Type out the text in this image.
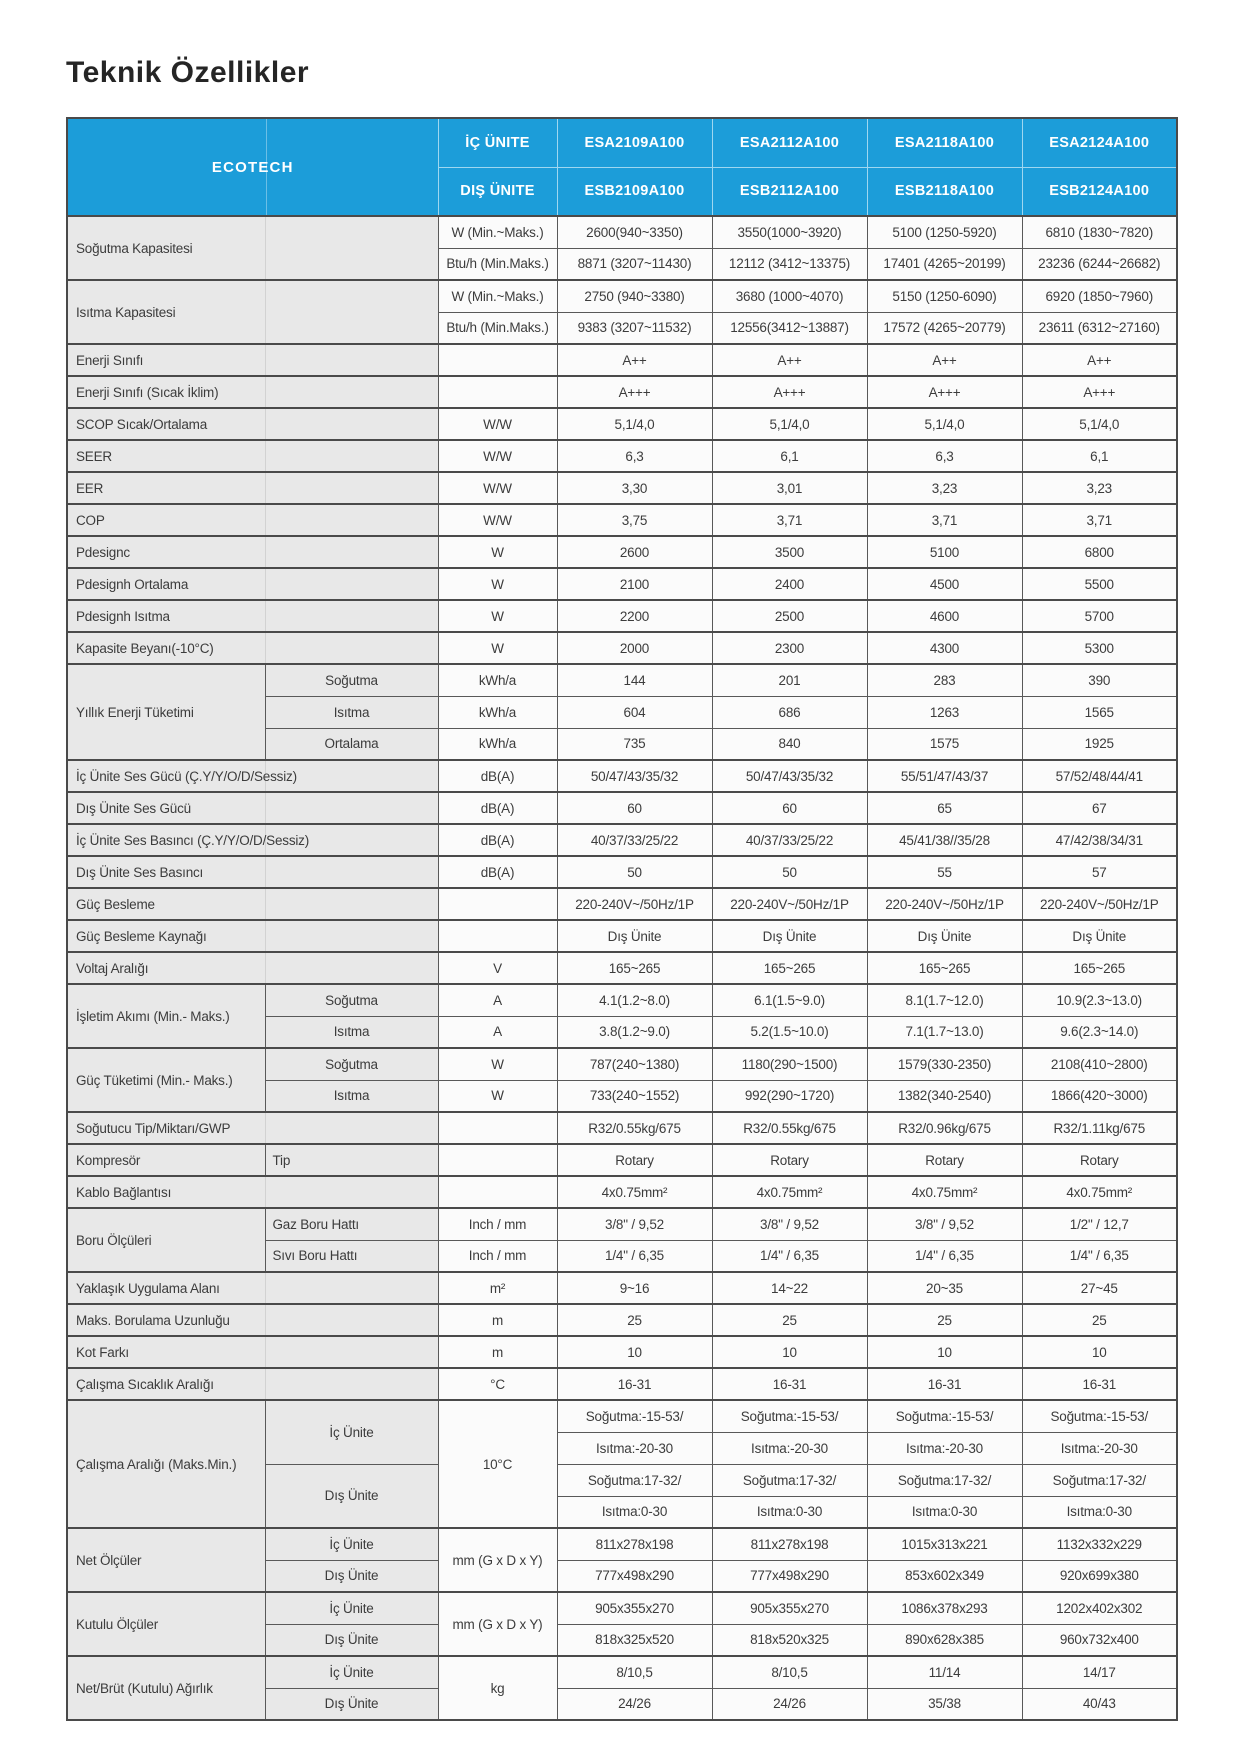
Teknik Özellikler
ECOTECH		İÇ ÜNITE	ESA2109A100	ESA2112A100	ESA2118A100	ESA2124A100
		DIŞ ÜNITE	ESB2109A100	ESB2112A100	ESB2118A100	ESB2124A100
Soğutma Kapasitesi		W (Min.~Maks.)	2600(940~3350)	3550(1000~3920)	5100 (1250-5920)	6810 (1830~7820)
		Btu/h (Min.Maks.)	8871 (3207~11430)	12112 (3412~13375)	17401 (4265~20199)	23236 (6244~26682)
Isıtma Kapasitesi		W (Min.~Maks.)	2750 (940~3380)	3680 (1000~4070)	5150 (1250-6090)	6920 (1850~7960)
		Btu/h (Min.Maks.)	9383 (3207~11532)	12556(3412~13887)	17572 (4265~20779)	23611 (6312~27160)
Enerji Sınıfı			A++	A++	A++	A++
Enerji Sınıfı (Sıcak İklim)			A+++	A+++	A+++	A+++
SCOP Sıcak/Ortalama		W/W	5,1/4,0	5,1/4,0	5,1/4,0	5,1/4,0
SEER		W/W	6,3	6,1	6,3	6,1
EER		W/W	3,30	3,01	3,23	3,23
COP		W/W	3,75	3,71	3,71	3,71
Pdesignc		W	2600	3500	5100	6800
Pdesignh Ortalama		W	2100	2400	4500	5500
Pdesignh Isıtma		W	2200	2500	4600	5700
Kapasite Beyanı(-10°C)		W	2000	2300	4300	5300
Yıllık Enerji Tüketimi	Soğutma	kWh/a	144	201	283	390
	Isıtma	kWh/a	604	686	1263	1565
	Ortalama	kWh/a	735	840	1575	1925
İç Ünite Ses Gücü (Ç.Y/Y/O/D/Sessiz)		dB(A)	50/47/43/35/32	50/47/43/35/32	55/51/47/43/37	57/52/48/44/41
Dış Ünite Ses Gücü		dB(A)	60	60	65	67
İç Ünite Ses Basıncı (Ç.Y/Y/O/D/Sessiz)		dB(A)	40/37/33/25/22	40/37/33/25/22	45/41/38//35/28	47/42/38/34/31
Dış Ünite Ses Basıncı		dB(A)	50	50	55	57
Güç Besleme			220-240V~/50Hz/1P	220-240V~/50Hz/1P	220-240V~/50Hz/1P	220-240V~/50Hz/1P
Güç Besleme Kaynağı			Dış Ünite	Dış Ünite	Dış Ünite	Dış Ünite
Voltaj Aralığı		V	165~265	165~265	165~265	165~265
İşletim Akımı (Min.- Maks.)	Soğutma	A	4.1(1.2~8.0)	6.1(1.5~9.0)	8.1(1.7~12.0)	10.9(2.3~13.0)
	Isıtma	A	3.8(1.2~9.0)	5.2(1.5~10.0)	7.1(1.7~13.0)	9.6(2.3~14.0)
Güç Tüketimi (Min.- Maks.)	Soğutma	W	787(240~1380)	1180(290~1500)	1579(330-2350)	2108(410~2800)
	Isıtma	W	733(240~1552)	992(290~1720)	1382(340-2540)	1866(420~3000)
Soğutucu Tip/Miktarı/GWP			R32/0.55kg/675	R32/0.55kg/675	R32/0.96kg/675	R32/1.11kg/675
Kompresör	Tip		Rotary	Rotary	Rotary	Rotary
Kablo Bağlantısı			4x0.75mm²	4x0.75mm²	4x0.75mm²	4x0.75mm²
Boru Ölçüleri	Gaz Boru Hattı	Inch / mm	3/8" / 9,52	3/8" / 9,52	3/8" / 9,52	1/2" / 12,7
	Sıvı Boru Hattı	Inch / mm	1/4" / 6,35	1/4" / 6,35	1/4" / 6,35	1/4" / 6,35
Yaklaşık Uygulama Alanı		m²	9~16	14~22	20~35	27~45
Maks. Borulama Uzunluğu		m	25	25	25	25
Kot Farkı		m	10	10	10	10
Çalışma Sıcaklık Aralığı		°C	16-31	16-31	16-31	16-31
Çalışma Aralığı (Maks.Min.)	İç Ünite	10°C	Soğutma:-15-53/	Soğutma:-15-53/	Soğutma:-15-53/	Soğutma:-15-53/
			Isıtma:-20-30	Isıtma:-20-30	Isıtma:-20-30	Isıtma:-20-30
	Dış Ünite		Soğutma:17-32/	Soğutma:17-32/	Soğutma:17-32/	Soğutma:17-32/
			Isıtma:0-30	Isıtma:0-30	Isıtma:0-30	Isıtma:0-30
Net Ölçüler	İç Ünite	mm (G x D x Y)	811x278x198	811x278x198	1015x313x221	1132x332x229
	Dış Ünite		777x498x290	777x498x290	853x602x349	920x699x380
Kutulu Ölçüler	İç Ünite	mm (G x D x Y)	905x355x270	905x355x270	1086x378x293	1202x402x302
	Dış Ünite		818x325x520	818x520x325	890x628x385	960x732x400
Net/Brüt (Kutulu) Ağırlık	İç Ünite	kg	8/10,5	8/10,5	11/14	14/17
	Dış Ünite		24/26	24/26	35/38	40/43
